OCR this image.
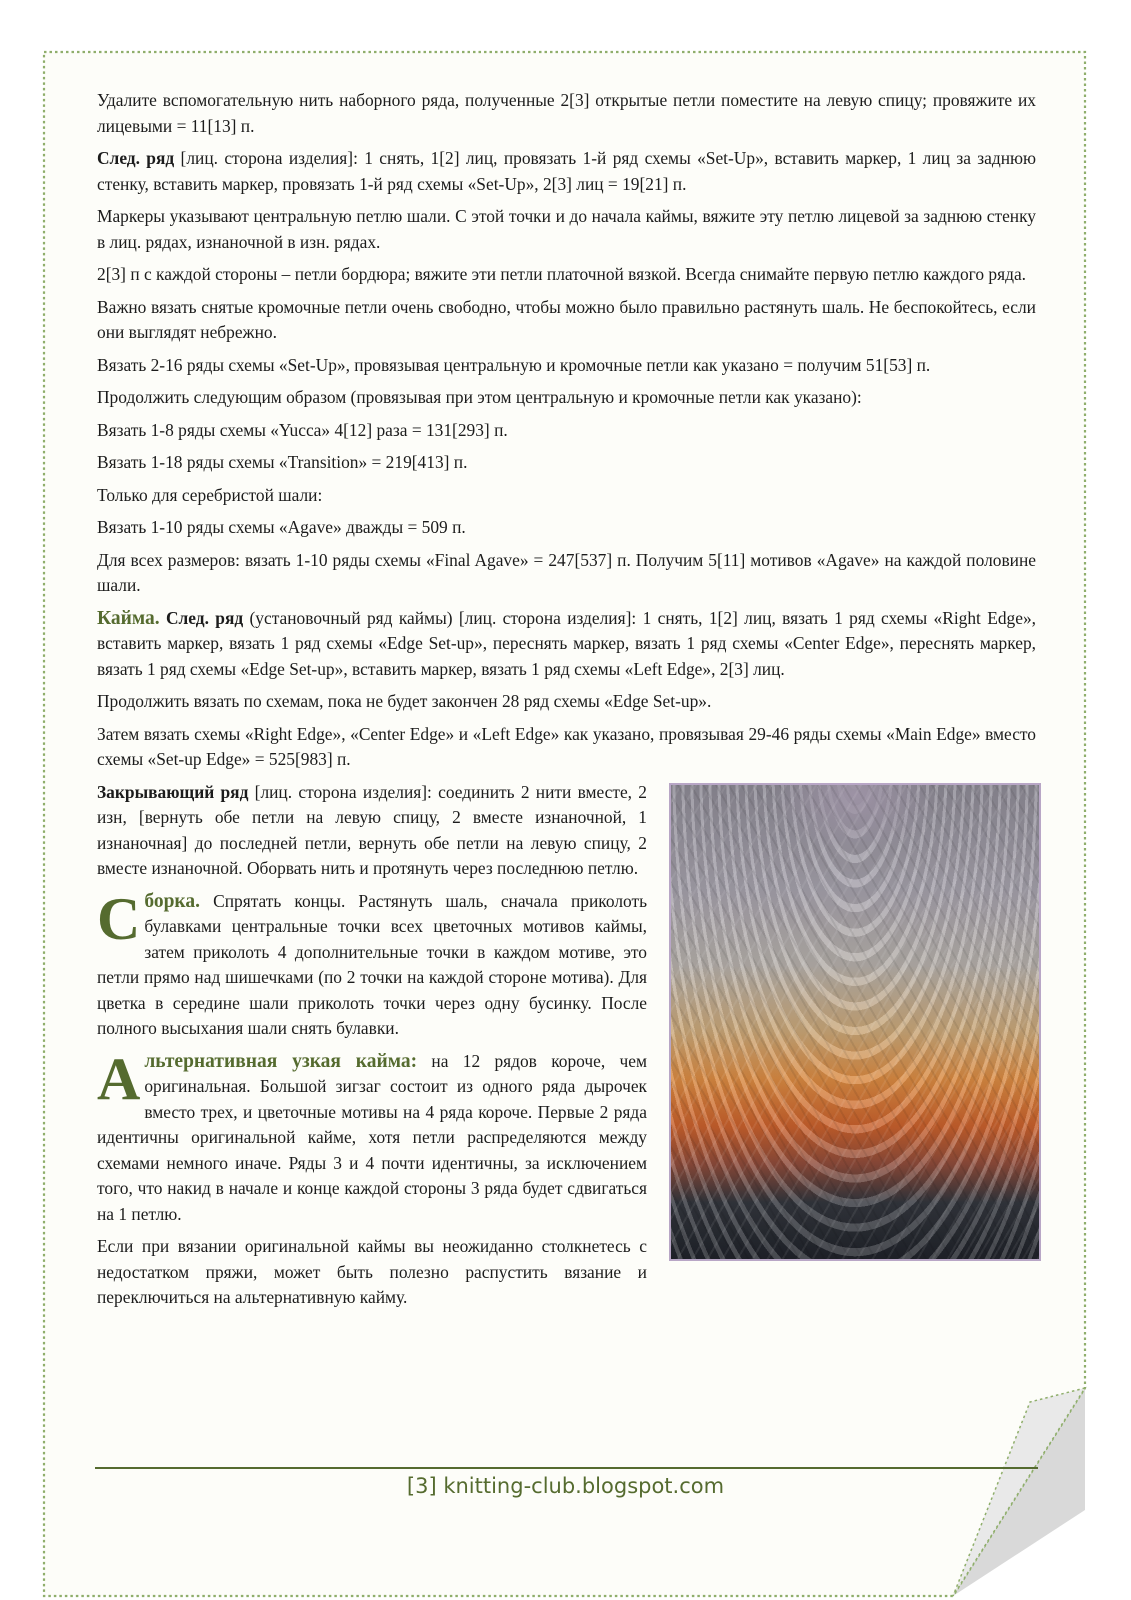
Удалите вспомогательную нить наборного ряда, полученные 2[3] открытые петли поместите на левую спицу; провяжите их лицевыми = 11[13] п.

След. ряд [лиц. сторона изделия]: 1 снять, 1[2] лиц, провязать 1-й ряд схемы «Set-Up», вставить маркер, 1 лиц за заднюю стенку, вставить маркер, провязать 1-й ряд схемы «Set-Up», 2[3] лиц = 19[21] п.

Маркеры указывают центральную петлю шали. С этой точки и до начала каймы, вяжите эту петлю лицевой за заднюю стенку в лиц. рядах, изнаночной в изн. рядах.

2[3] п с каждой стороны – петли бордюра; вяжите эти петли платочной вязкой. Всегда снимайте первую петлю каждого ряда.

Важно вязать снятые кромочные петли очень свободно, чтобы можно было правильно растянуть шаль. Не беспокойтесь, если они выглядят небрежно.

Вязать 2-16 ряды схемы «Set-Up», провязывая центральную и кромочные петли как указано = получим 51[53] п.

Продолжить следующим образом (провязывая при этом центральную и кромочные петли как указано):

Вязать 1-8 ряды схемы «Yucca» 4[12] раза = 131[293] п.

Вязать 1-18 ряды схемы «Transition» = 219[413] п.

Только для серебристой шали:

Вязать 1-10 ряды схемы «Agave» дважды = 509 п.

Для всех размеров: вязать 1-10 ряды схемы «Final Agave» = 247[537] п. Получим 5[11] мотивов «Agave» на каждой половине шали.

Кайма. След. ряд (установочный ряд каймы) [лиц. сторона изделия]: 1 снять, 1[2] лиц, вязать 1 ряд схемы «Right Edge», вставить маркер, вязать 1 ряд схемы «Edge Set-up», переснять маркер, вязать 1 ряд схемы «Center Edge», переснять маркер, вязать 1 ряд схемы «Edge Set-up», вставить маркер, вязать 1 ряд схемы «Left Edge», 2[3] лиц.

Продолжить вязать по схемам, пока не будет закончен 28 ряд схемы «Edge Set-up».

Затем вязать схемы «Right Edge», «Center Edge» и «Left Edge» как указано, провязывая 29-46 ряды схемы «Main Edge» вместо схемы «Set-up Edge» = 525[983] п.

Закрывающий ряд [лиц. сторона изделия]: соединить 2 нити вместе, 2 изн, [вернуть обе петли на левую спицу, 2 вместе изнаночной, 1 изнаночная] до последней петли, вернуть обе петли на левую спицу, 2 вместе изнаночной. Оборвать нить и протянуть через последнюю петлю.

Сборка. Спрятать концы. Растянуть шаль, сначала приколоть булавками центральные точки всех цветочных мотивов каймы, затем приколоть 4 дополнительные точки в каждом мотиве, это петли прямо над шишечками (по 2 точки на каждой стороне мотива). Для цветка в середине шали приколоть точки через одну бусинку. После полного высыхания шали снять булавки.

Альтернативная узкая кайма: на 12 рядов короче, чем оригинальная. Большой зигзаг состоит из одного ряда дырочек вместо трех, и цветочные мотивы на 4 ряда короче. Первые 2 ряда идентичны оригинальной кайме, хотя петли распределяются между схемами немного иначе. Ряды 3 и 4 почти идентичны, за исключением того, что накид в начале и конце каждой стороны 3 ряда будет сдвигаться на 1 петлю.

Если при вязании оригинальной каймы вы неожиданно столкнетесь с недостатком пряжи, может быть полезно распустить вязание и переключиться на альтернативную кайму.

[3] knitting-club.blogspot.com
